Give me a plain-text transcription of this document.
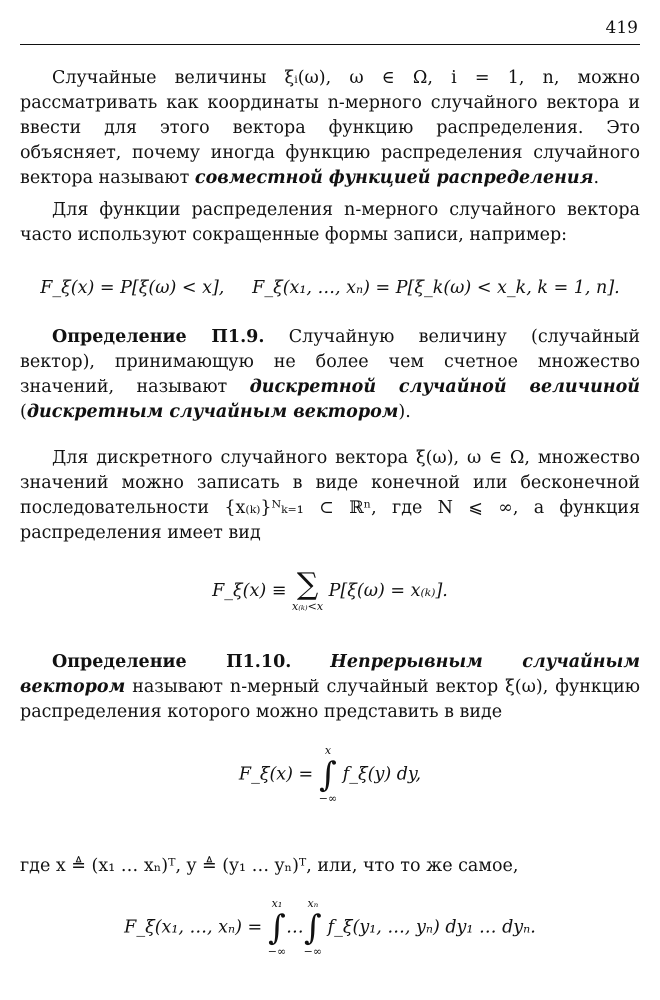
419

Случайные величины ξᵢ(ω), ω ∈ Ω, i = 1, n, можно рассматривать как координаты n-мерного случайного вектора и ввести для этого вектора функцию распределения. Это объясняет, почему иногда функцию распределения случайного вектора называют совместной функцией распределения.

Для функции распределения n-мерного случайного вектора часто используют сокращенные формы записи, например:

F_ξ(x) = P[ξ(ω) < x], F_ξ(x₁, …, xₙ) = P[ξ_k(ω) < x_k, k = 1, n].

Определение П1.9. Случайную величину (случайный вектор), принимающую не более чем счетное множество значений, называют дискретной случайной величиной (дискретным случайным вектором).

Для дискретного случайного вектора ξ(ω), ω ∈ Ω, множество значений можно записать в виде конечной или бесконечной последовательности {x₍ₖ₎}ᴺₖ₌₁ ⊂ ℝⁿ, где N ⩽ ∞, а функция распределения имеет вид

F_ξ(x) ≡ ∑
x₍ₖ₎<x
P[ξ(ω) = x₍ₖ₎].

Определение П1.10. Непрерывным случайным вектором называют n-мерный случайный вектор ξ(ω), функцию распределения которого можно представить в виде

F_ξ(x) =
x
∫
−∞
f_ξ(y) dy,

где x ≜ (x₁ … xₙ)ᵀ, y ≜ (y₁ … yₙ)ᵀ, или, что то же самое,

F_ξ(x₁, …, xₙ) =
x₁
∫
−∞
…
xₙ
∫
−∞
f_ξ(y₁, …, yₙ) dy₁ … dyₙ.
